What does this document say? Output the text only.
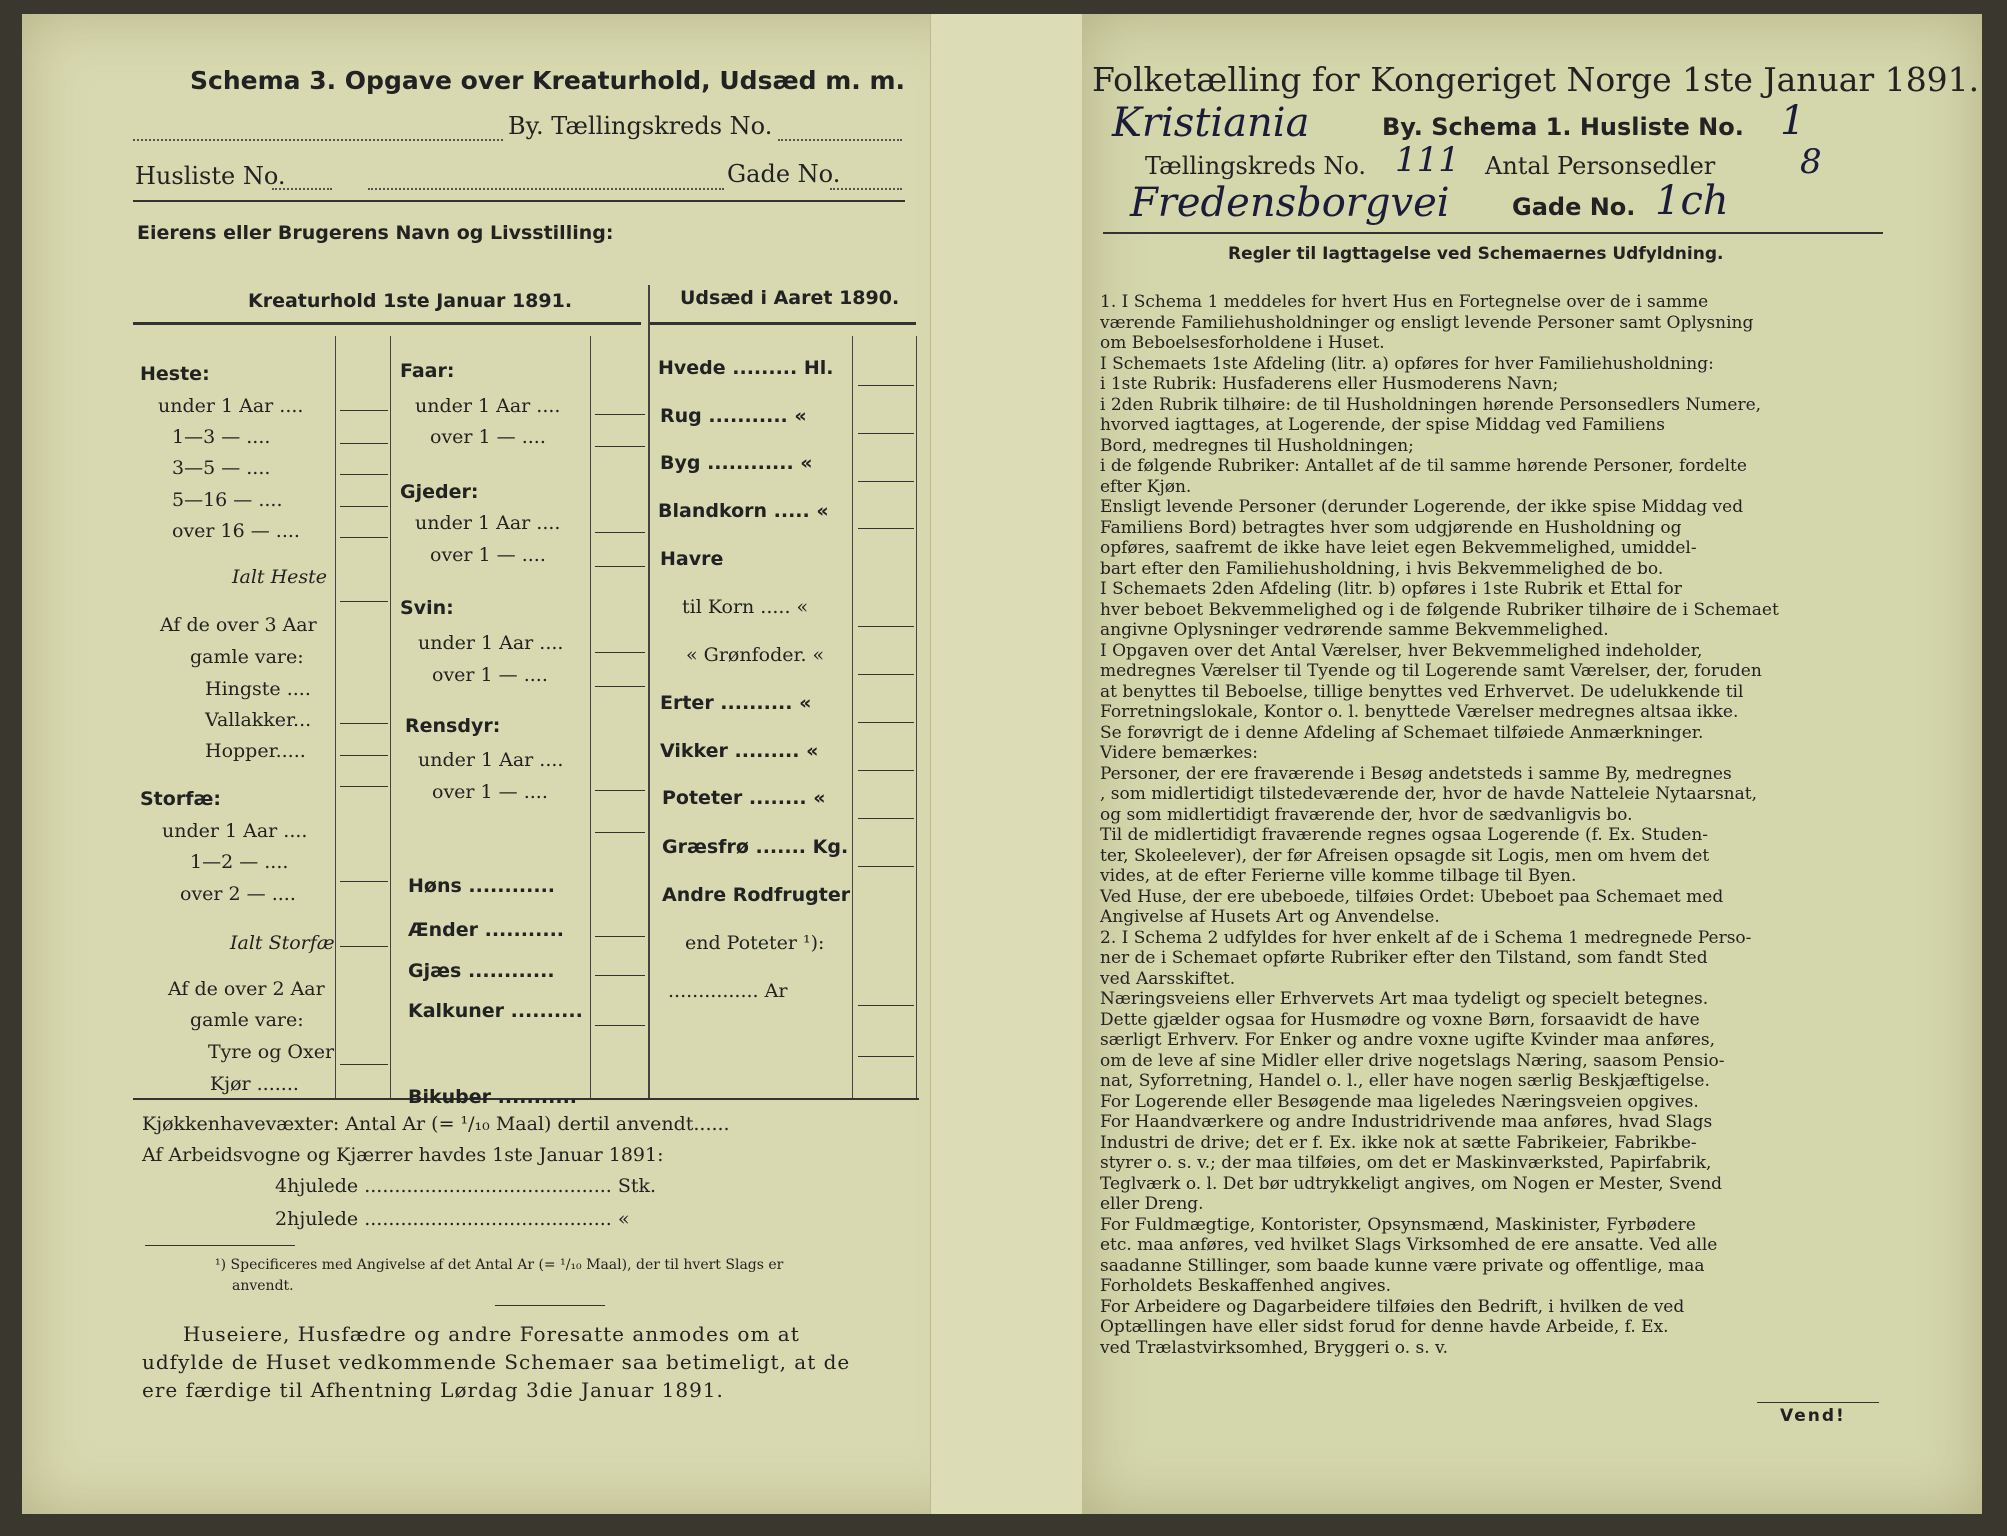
Schema 3. Opgave over Kreaturhold, Udsæd m. m.
By. Tællingskreds No.
Husliste No.	Gade No.
Eierens eller Brugerens Navn og Livsstilling:
Kreaturhold 1ste Januar 1891.	Udsæd i Aaret 1890.
Heste:
under 1 Aar ....
1—3 — ....
3—5 — ....
5—16 — ....
over 16 — ....
Ialt Heste
Af de over 3 Aar
gamle vare:
Hingste ....
Vallakker...
Hopper.....
Storfæ:
under 1 Aar ....
1—2 — ....
over 2 — ....
Ialt Storfæ
Af de over 2 Aar
gamle vare:
Tyre og Oxer
Kjør .......
Faar:
under 1 Aar ....
over 1 — ....
Gjeder:
under 1 Aar ....
over 1 — ....
Svin:
under 1 Aar ....
over 1 — ....
Rensdyr:
under 1 Aar ....
over 1 — ....
Høns ............
Ænder ...........
Gjæs ............
Kalkuner ..........
Bikuber ...........
Hvede ......... Hl.
Rug ........... «
Byg ............ «
Blandkorn ..... «
Havre
til Korn ..... «
« Grønfoder. «
Erter .......... «
Vikker ......... «
Poteter ........ «
Græsfrø ....... Kg.
Andre Rodfrugter
end Poteter ¹):
............... Ar
Kjøkkenhavevæxter: Antal Ar (= ¹/₁₀ Maal) dertil anvendt......
Af Arbeidsvogne og Kjærrer havdes 1ste Januar 1891:
4hjulede ......................................... Stk.
2hjulede ......................................... «
¹) Specificeres med Angivelse af det Antal Ar (= ¹/₁₀ Maal), der til hvert Slags er
anvendt.
Huseiere, Husfædre og andre Foresatte anmodes om at
udfylde de Huset vedkommende Schemaer saa betimeligt, at de
ere færdige til Afhentning Lørdag 3die Januar 1891.
Folketælling for Kongeriget Norge 1ste Januar 1891.
Kristiania	By. Schema 1. Husliste No. 1
Tællingskreds No. 111 Antal Personsedler 8
Fredensborgvei	Gade No. 1ch
Regler til Iagttagelse ved Schemaernes Udfyldning.
1. I Schema 1 meddeles for hvert Hus en Fortegnelse over de i samme
værende Familiehusholdninger og ensligt levende Personer samt Oplysning
om Beboelsesforholdene i Huset.
I Schemaets 1ste Afdeling (litr. a) opføres for hver Familiehusholdning:
i 1ste Rubrik: Husfaderens eller Husmoderens Navn;
i 2den Rubrik tilhøire: de til Husholdningen hørende Personsedlers Numere,
hvorved iagttages, at Logerende, der spise Middag ved Familiens
Bord, medregnes til Husholdningen;
i de følgende Rubriker: Antallet af de til samme hørende Personer, fordelte
efter Kjøn.
Ensligt levende Personer (derunder Logerende, der ikke spise Middag ved
Familiens Bord) betragtes hver som udgjørende en Husholdning og
opføres, saafremt de ikke have leiet egen Bekvemmelighed, umiddel-
bart efter den Familiehusholdning, i hvis Bekvemmelighed de bo.
I Schemaets 2den Afdeling (litr. b) opføres i 1ste Rubrik et Ettal for
hver beboet Bekvemmelighed og i de følgende Rubriker tilhøire de i Schemaet
angivne Oplysninger vedrørende samme Bekvemmelighed.
I Opgaven over det Antal Værelser, hver Bekvemmelighed indeholder,
medregnes Værelser til Tyende og til Logerende samt Værelser, der, foruden
at benyttes til Beboelse, tillige benyttes ved Erhvervet. De udelukkende til
Forretningslokale, Kontor o. l. benyttede Værelser medregnes altsaa ikke.
Se forøvrigt de i denne Afdeling af Schemaet tilføiede Anmærkninger.
Videre bemærkes:
Personer, der ere fraværende i Besøg andetsteds i samme By, medregnes
, som midlertidigt tilstedeværende der, hvor de havde Natteleie Nytaarsnat,
og som midlertidigt fraværende der, hvor de sædvanligvis bo.
Til de midlertidigt fraværende regnes ogsaa Logerende (f. Ex. Studen-
ter, Skoleelever), der før Afreisen opsagde sit Logis, men om hvem det
vides, at de efter Ferierne ville komme tilbage til Byen.
Ved Huse, der ere ubeboede, tilføies Ordet: Ubeboet paa Schemaet med
Angivelse af Husets Art og Anvendelse.
2. I Schema 2 udfyldes for hver enkelt af de i Schema 1 medregnede Perso-
ner de i Schemaet opførte Rubriker efter den Tilstand, som fandt Sted
ved Aarsskiftet.
Næringsveiens eller Erhvervets Art maa tydeligt og specielt betegnes.
Dette gjælder ogsaa for Husmødre og voxne Børn, forsaavidt de have
særligt Erhverv. For Enker og andre voxne ugifte Kvinder maa anføres,
om de leve af sine Midler eller drive nogetslags Næring, saasom Pensio-
nat, Syforretning, Handel o. l., eller have nogen særlig Beskjæftigelse.
For Logerende eller Besøgende maa ligeledes Næringsveien opgives.
For Haandværkere og andre Industridrivende maa anføres, hvad Slags
Industri de drive; det er f. Ex. ikke nok at sætte Fabrikeier, Fabrikbe-
styrer o. s. v.; der maa tilføies, om det er Maskinværksted, Papirfabrik,
Teglværk o. l. Det bør udtrykkeligt angives, om Nogen er Mester, Svend
eller Dreng.
For Fuldmægtige, Kontorister, Opsynsmænd, Maskinister, Fyrbødere
etc. maa anføres, ved hvilket Slags Virksomhed de ere ansatte. Ved alle
saadanne Stillinger, som baade kunne være private og offentlige, maa
Forholdets Beskaffenhed angives.
For Arbeidere og Dagarbeidere tilføies den Bedrift, i hvilken de ved
Optællingen have eller sidst forud for denne havde Arbeide, f. Ex.
ved Trælastvirksomhed, Bryggeri o. s. v.
Vend!
